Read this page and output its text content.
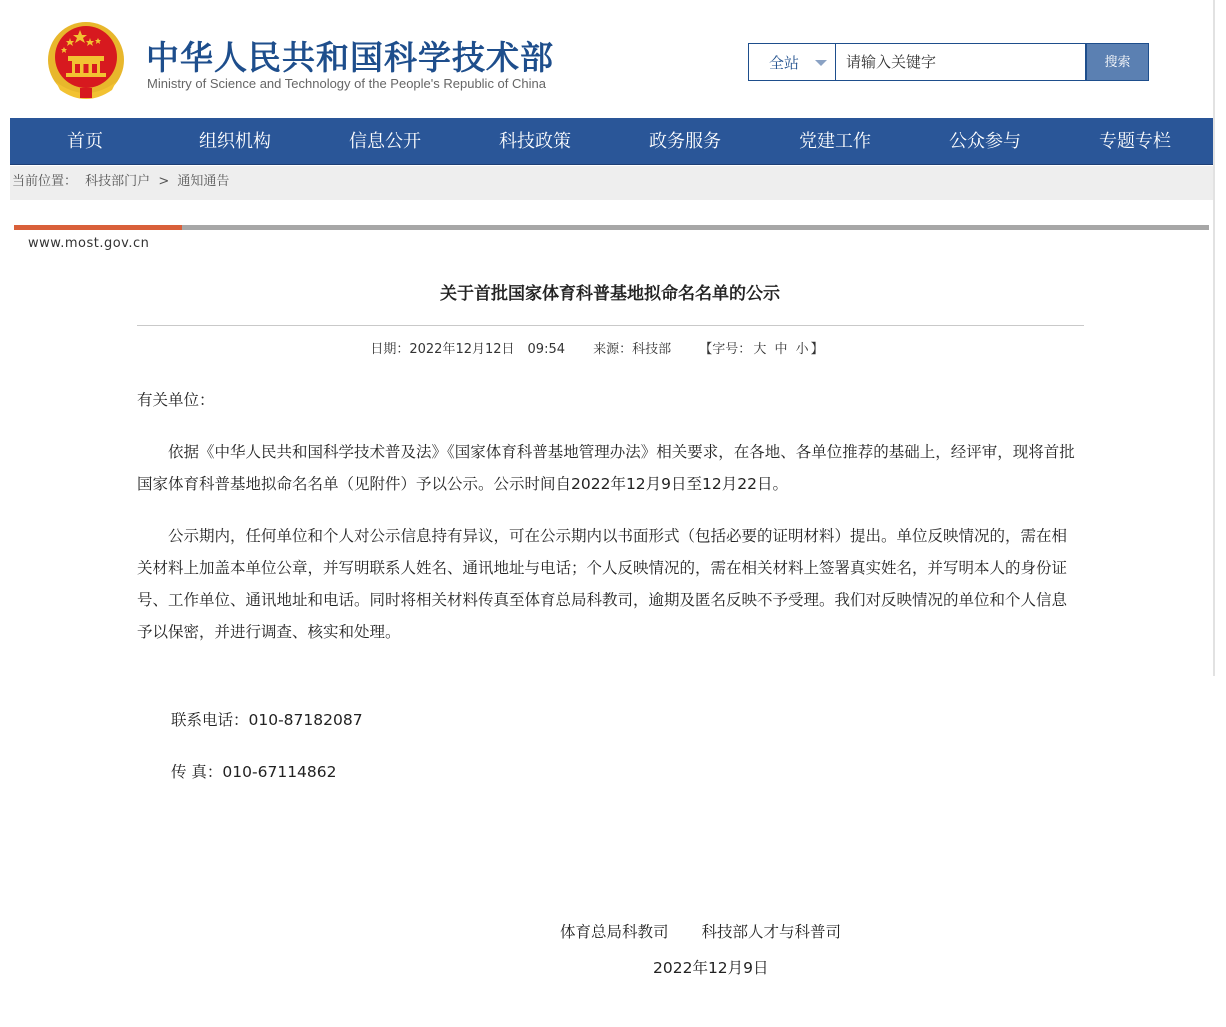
中华人民共和国科学技术部
Ministry of Science and Technology of the People's Republic of China
全站	请输入关键字	搜索
首页	组织机构	信息公开	科技政策	政务服务	党建工作	公众参与	专题专栏
当前位置： 科技部门户 > 通知通告
www.most.gov.cn
关于首批国家体育科普基地拟命名名单的公示
日期：2022年12月12日　09:54 来源：科技部 【字号： 大 中 小 】

有关单位：

依据《中华人民共和国科学技术普及法》《国家体育科普基地管理办法》相关要求，在各地、各单位推荐的基础上，经评审，现将首批国家体育科普基地拟命名名单（见附件）予以公示。公示时间自2022年12月9日至12月22日。

公示期内，任何单位和个人对公示信息持有异议，可在公示期内以书面形式（包括必要的证明材料）提出。单位反映情况的，需在相关材料上加盖本单位公章，并写明联系人姓名、通讯地址与电话；个人反映情况的，需在相关材料上签署真实姓名，并写明本人的身份证号、工作单位、通讯地址和电话。同时将相关材料传真至体育总局科教司，逾期及匿名反映不予受理。我们对反映情况的单位和个人信息予以保密，并进行调查、核实和处理。

联系电话：010-87182087

传 真：010-67114862

体育总局科教司 科技部人才与科普司
2022年12月9日
